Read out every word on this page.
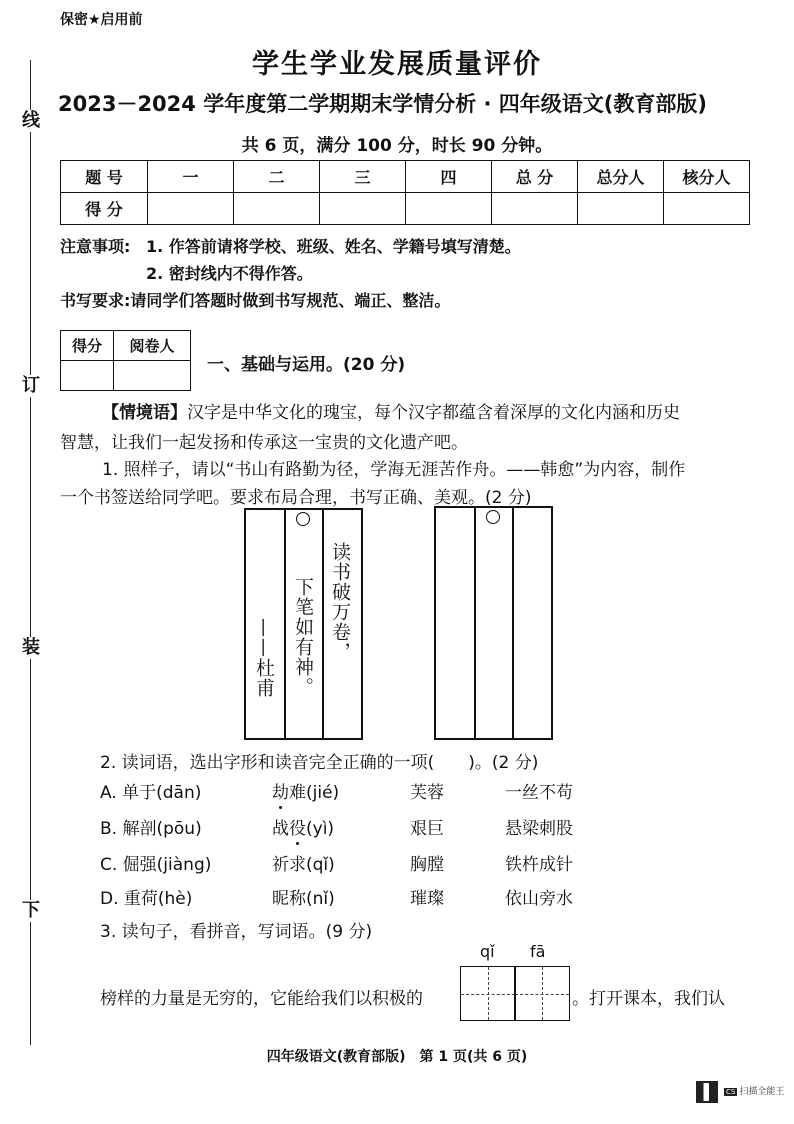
线
订
装
下
保密★启用前
学生学业发展质量评价
2023－2024 学年度第二学期期末学情分析 · 四年级语文(教育部版)
共 6 页，满分 100 分，时长 90 分钟。
题 号	一	二	三	四	总 分	总分人	核分人
得 分							
注意事项: 1. 作答前请将学校、班级、姓名、学籍号填写清楚。
2. 密封线内不得作答。
书写要求:请同学们答题时做到书写规范、端正、整洁。
得分	阅卷人

一、基础与运用。(20 分)
【情境语】汉字是中华文化的瑰宝，每个汉字都蕴含着深厚的文化内涵和历史
智慧，让我们一起发扬和传承这一宝贵的文化遗产吧。
1. 照样子，请以“书山有路勤为径，学海无涯苦作舟。——韩愈”为内容，制作
一个书签送给同学吧。要求布局合理，书写正确、美观。(2 分)
读书破万卷，
下笔如有神。
——杜甫
2. 读词语，选出字形和读音完全正确的一项(　　)。(2 分)
A. 单于(dān)	劫难(jié)	芙蓉	一丝不苟
B. 解剖(pōu)	战役(yì)	艰巨	悬梁刺股
C. 倔强(jiàng)	祈求(qǐ)	胸膛	铁杵成针
D. 重荷(hè)	昵称(nǐ)	璀璨	依山旁水
3. 读句子，看拼音，写词语。(9 分)
qǐ fā
榜样的力量是无穷的，它能给我们以积极的	。打开课本，我们认
四年级语文(教育部版)　第 1 页(共 6 页)
CS 扫描全能王
